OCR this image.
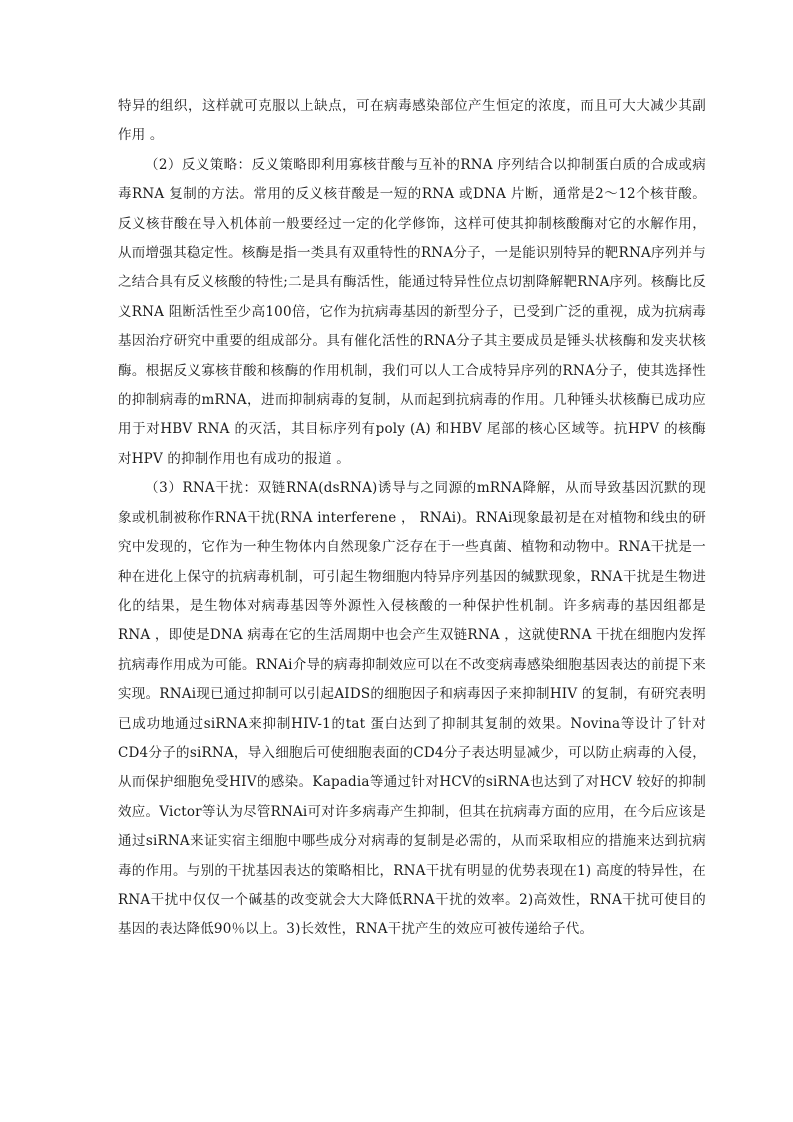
特异的组织，这样就可克服以上缺点，可在病毒感染部位产生恒定的浓度，而且可大大减少其副作用 。

（2）反义策略：反义策略即利用寡核苷酸与互补的RNA 序列结合以抑制蛋白质的合成或病毒RNA 复制的方法。常用的反义核苷酸是一短的RNA 或DNA 片断，通常是2～12个核苷酸。反义核苷酸在导入机体前一般要经过一定的化学修饰，这样可使其抑制核酸酶对它的水解作用，从而增强其稳定性。核酶是指一类具有双重特性的RNA分子，一是能识别特异的靶RNA序列并与之结合具有反义核酸的特性;二是具有酶活性，能通过特异性位点切割降解靶RNA序列。核酶比反义RNA 阻断活性至少高100倍，它作为抗病毒基因的新型分子，已受到广泛的重视，成为抗病毒基因治疗研究中重要的组成部分。具有催化活性的RNA分子其主要成员是锤头状核酶和发夹状核酶。根据反义寡核苷酸和核酶的作用机制，我们可以人工合成特异序列的RNA分子，使其选择性的抑制病毒的mRNA，进而抑制病毒的复制，从而起到抗病毒的作用。几种锤头状核酶已成功应用于对HBV RNA 的灭活，其目标序列有poly (A) 和HBV 尾部的核心区域等。抗HPV 的核酶对HPV 的抑制作用也有成功的报道 。

（3）RNA干扰：双链RNA(dsRNA)诱导与之同源的mRNA降解，从而导致基因沉默的现象或机制被称作RNA干扰(RNA interferene ， RNAi)。RNAi现象最初是在对植物和线虫的研究中发现的，它作为一种生物体内自然现象广泛存在于一些真菌、植物和动物中。RNA干扰是一种在进化上保守的抗病毒机制，可引起生物细胞内特异序列基因的缄默现象，RNA干扰是生物进化的结果，是生物体对病毒基因等外源性入侵核酸的一种保护性机制。许多病毒的基因组都是RNA ，即使是DNA 病毒在它的生活周期中也会产生双链RNA ，这就使RNA 干扰在细胞内发挥抗病毒作用成为可能。RNAi介导的病毒抑制效应可以在不改变病毒感染细胞基因表达的前提下来实现。RNAi现已通过抑制可以引起AIDS的细胞因子和病毒因子来抑制HIV 的复制，有研究表明已成功地通过siRNA来抑制HIV-1的tat 蛋白达到了抑制其复制的效果。Novina等设计了针对CD4分子的siRNA，导入细胞后可使细胞表面的CD4分子表达明显减少，可以防止病毒的入侵，从而保护细胞免受HIV的感染。Kapadia等通过针对HCV的siRNA也达到了对HCV 较好的抑制效应。Victor等认为尽管RNAi可对许多病毒产生抑制，但其在抗病毒方面的应用，在今后应该是通过siRNA来证实宿主细胞中哪些成分对病毒的复制是必需的，从而采取相应的措施来达到抗病毒的作用。与别的干扰基因表达的策略相比，RNA干扰有明显的优势表现在1) 高度的特异性，在RNA干扰中仅仅一个碱基的改变就会大大降低RNA干扰的效率。2)高效性，RNA干扰可使目的基因的表达降低90％以上。3)长效性，RNA干扰产生的效应可被传递给子代。
